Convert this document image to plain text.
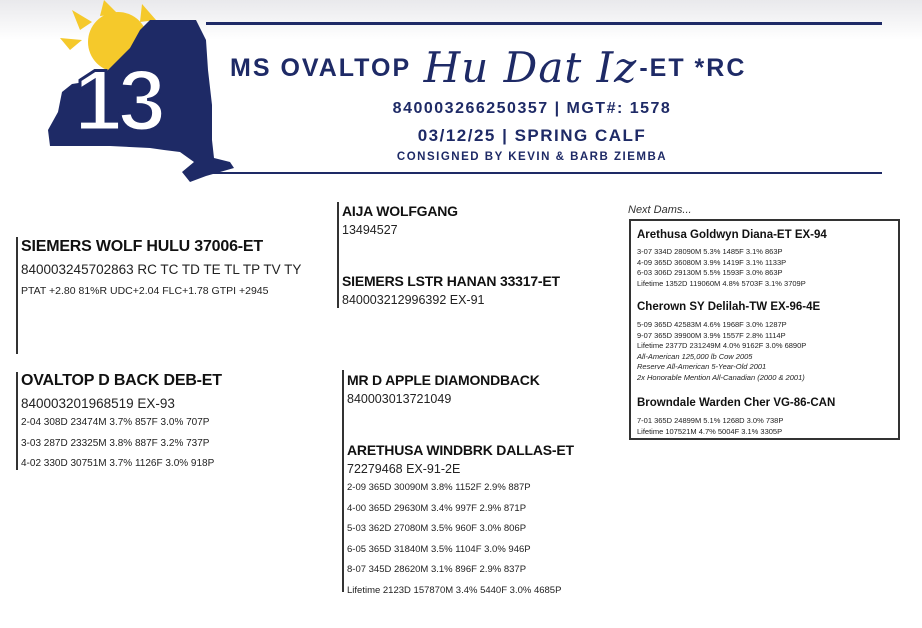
13	MS OVALTOP Hu Dat Iz-ET *RC
840003266250357 | MGT#: 1578
03/12/25 | SPRING CALF
CONSIGNED BY KEVIN & BARB ZIEMBA
SIEMERS WOLF HULU 37006-ET
840003245702863 RC TC TD TE TL TP TV TY
PTAT +2.80 81%R UDC+2.04 FLC+1.78 GTPI +2945
AIJA WOLFGANG
13494527
SIEMERS LSTR HANAN 33317-ET
840003212996392 EX-91
OVALTOP D BACK DEB-ET
840003201968519 EX-93
2-04 308D 23474M 3.7% 857F 3.0% 707P
3-03 287D 23325M 3.8% 887F 3.2% 737P
4-02 330D 30751M 3.7% 1126F 3.0% 918P
MR D APPLE DIAMONDBACK
840003013721049
ARETHUSA WINDBRK DALLAS-ET
72279468 EX-91-2E
2-09 365D 30090M 3.8% 1152F 2.9% 887P
4-00 365D 29630M 3.4% 997F 2.9% 871P
5-03 362D 27080M 3.5% 960F 3.0% 806P
6-05 365D 31840M 3.5% 1104F 3.0% 946P
8-07 345D 28620M 3.1% 896F 2.9% 837P
Lifetime 2123D 157870M 3.4% 5440F 3.0% 4685P
Next Dams...
Arethusa Goldwyn Diana-ET EX-94
3-07 334D 28090M 5.3% 1485F 3.1% 863P
4-09 365D 36080M 3.9% 1419F 3.1% 1133P
6-03 306D 29130M 5.5% 1593F 3.0% 863P
Lifetime 1352D 119060M 4.8% 5703F 3.1% 3709P
Cherown SY Delilah-TW EX-96-4E
5-09 365D 42583M 4.6% 1968F 3.0% 1287P
9-07 365D 39900M 3.9% 1557F 2.8% 1114P
Lifetime 2377D 231249M 4.0% 9162F 3.0% 6890P
All-American 125,000 lb Cow 2005
Reserve All-American 5-Year-Old 2001
2x Honorable Mention All-Canadian (2000 & 2001)
Browndale Warden Cher VG-86-CAN
7-01 365D 24899M 5.1% 1268D 3.0% 738P
Lifetime 107521M 4.7% 5004F 3.1% 3305P
